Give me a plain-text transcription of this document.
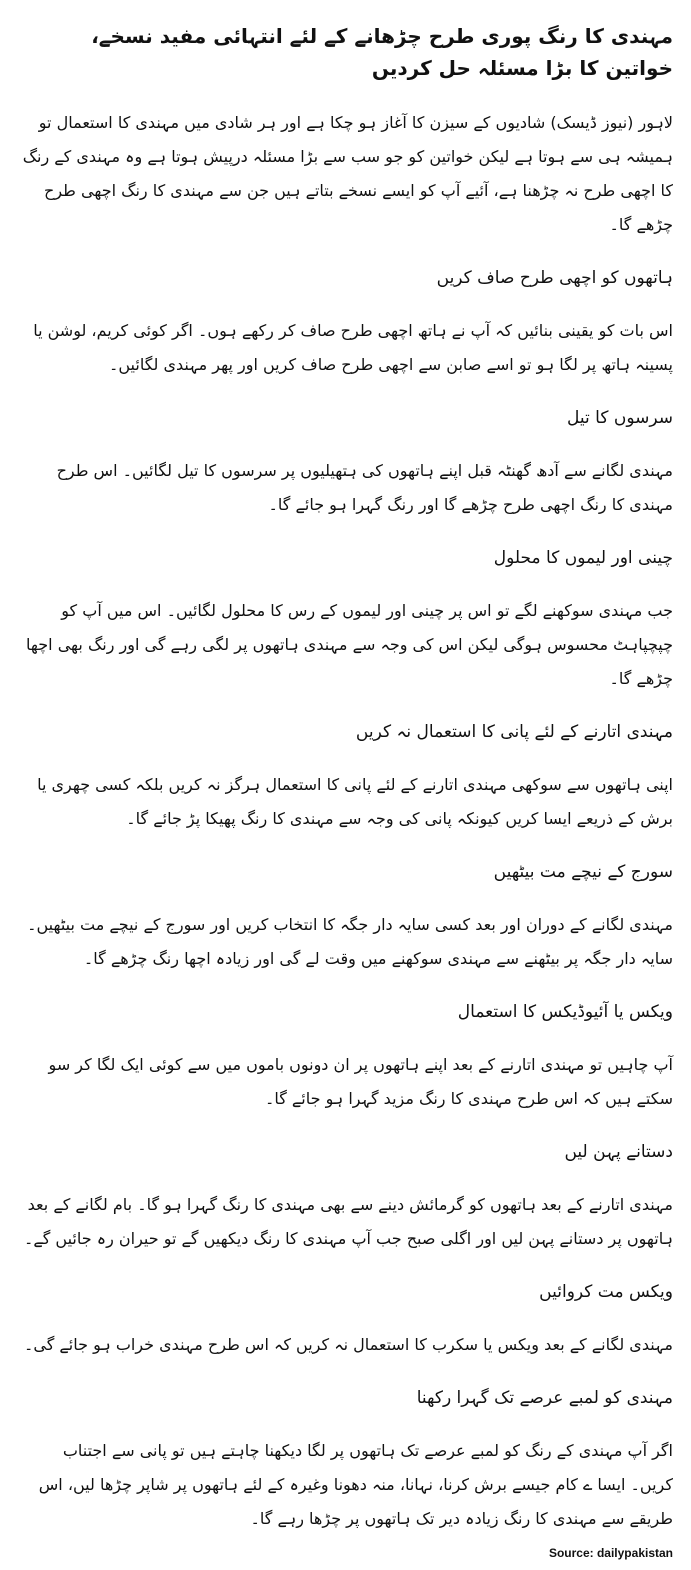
مہندی کا رنگ پوری طرح چڑھانے کے لئے انتہائی مفید نسخے، خواتین کا بڑا مسئلہ حل کردیں

لاہور (نیوز ڈیسک) شادیوں کے سیزن کا آغاز ہو چکا ہے اور ہر شادی میں مہندی کا استعمال تو ہمیشہ ہی سے ہوتا ہے لیکن خواتین کو جو سب سے بڑا مسئلہ درپیش ہوتا ہے وہ مہندی کے رنگ کا اچھی طرح نہ چڑھنا ہے، آئیے آپ کو ایسے نسخے بتاتے ہیں جن سے مہندی کا رنگ اچھی طرح چڑھے گا۔

ہاتھوں کو اچھی طرح صاف کریں

اس بات کو یقینی بنائیں کہ آپ نے ہاتھ اچھی طرح صاف کر رکھے ہوں۔ اگر کوئی کریم، لوشن یا پسینہ ہاتھ پر لگا ہو تو اسے صابن سے اچھی طرح صاف کریں اور پھر مہندی لگائیں۔

سرسوں کا تیل

مہندی لگانے سے آدھ گھنٹہ قبل اپنے ہاتھوں کی ہتھیلیوں پر سرسوں کا تیل لگائیں۔ اس طرح مہندی کا رنگ اچھی طرح چڑھے گا اور رنگ گہرا ہو جائے گا۔

چینی اور لیموں کا محلول

جب مہندی سوکھنے لگے تو اس پر چینی اور لیموں کے رس کا محلول لگائیں۔ اس میں آپ کو چپچپاہٹ محسوس ہوگی لیکن اس کی وجہ سے مہندی ہاتھوں پر لگی رہے گی اور رنگ بھی اچھا چڑھے گا۔

مہندی اتارنے کے لئے پانی کا استعمال نہ کریں

اپنی ہاتھوں سے سوکھی مہندی اتارنے کے لئے پانی کا استعمال ہرگز نہ کریں بلکہ کسی چھری یا برش کے ذریعے ایسا کریں کیونکہ پانی کی وجہ سے مہندی کا رنگ پھیکا پڑ جائے گا۔

سورج کے نیچے مت بیٹھیں

مہندی لگانے کے دوران اور بعد کسی سایہ دار جگہ کا انتخاب کریں اور سورج کے نیچے مت بیٹھیں۔ سایہ دار جگہ پر بیٹھنے سے مہندی سوکھنے میں وقت لے گی اور زیادہ اچھا رنگ چڑھے گا۔

ویکس یا آئیوڈیکس کا استعمال

آپ چاہیں تو مہندی اتارنے کے بعد اپنے ہاتھوں پر ان دونوں باموں میں سے کوئی ایک لگا کر سو سکتے ہیں کہ اس طرح مہندی کا رنگ مزید گہرا ہو جائے گا۔

دستانے پہن لیں

مہندی اتارنے کے بعد ہاتھوں کو گرمائش دینے سے بھی مہندی کا رنگ گہرا ہو گا۔ بام لگانے کے بعد ہاتھوں پر دستانے پہن لیں اور اگلی صبح جب آپ مہندی کا رنگ دیکھیں گے تو حیران رہ جائیں گے۔

ویکس مت کروائیں

مہندی لگانے کے بعد ویکس یا سکرب کا استعمال نہ کریں کہ اس طرح مہندی خراب ہو جائے گی۔

مہندی کو لمبے عرصے تک گہرا رکھنا

اگر آپ مہندی کے رنگ کو لمبے عرصے تک ہاتھوں پر لگا دیکھنا چاہتے ہیں تو پانی سے اجتناب کریں۔ ایسا ے کام جیسے برش کرنا، نہانا، منہ دھونا وغیرہ کے لئے ہاتھوں پر شاپر چڑھا لیں، اس طریقے سے مہندی کا رنگ زیادہ دیر تک ہاتھوں پر چڑھا رہے گا۔

Source: dailypakistan
